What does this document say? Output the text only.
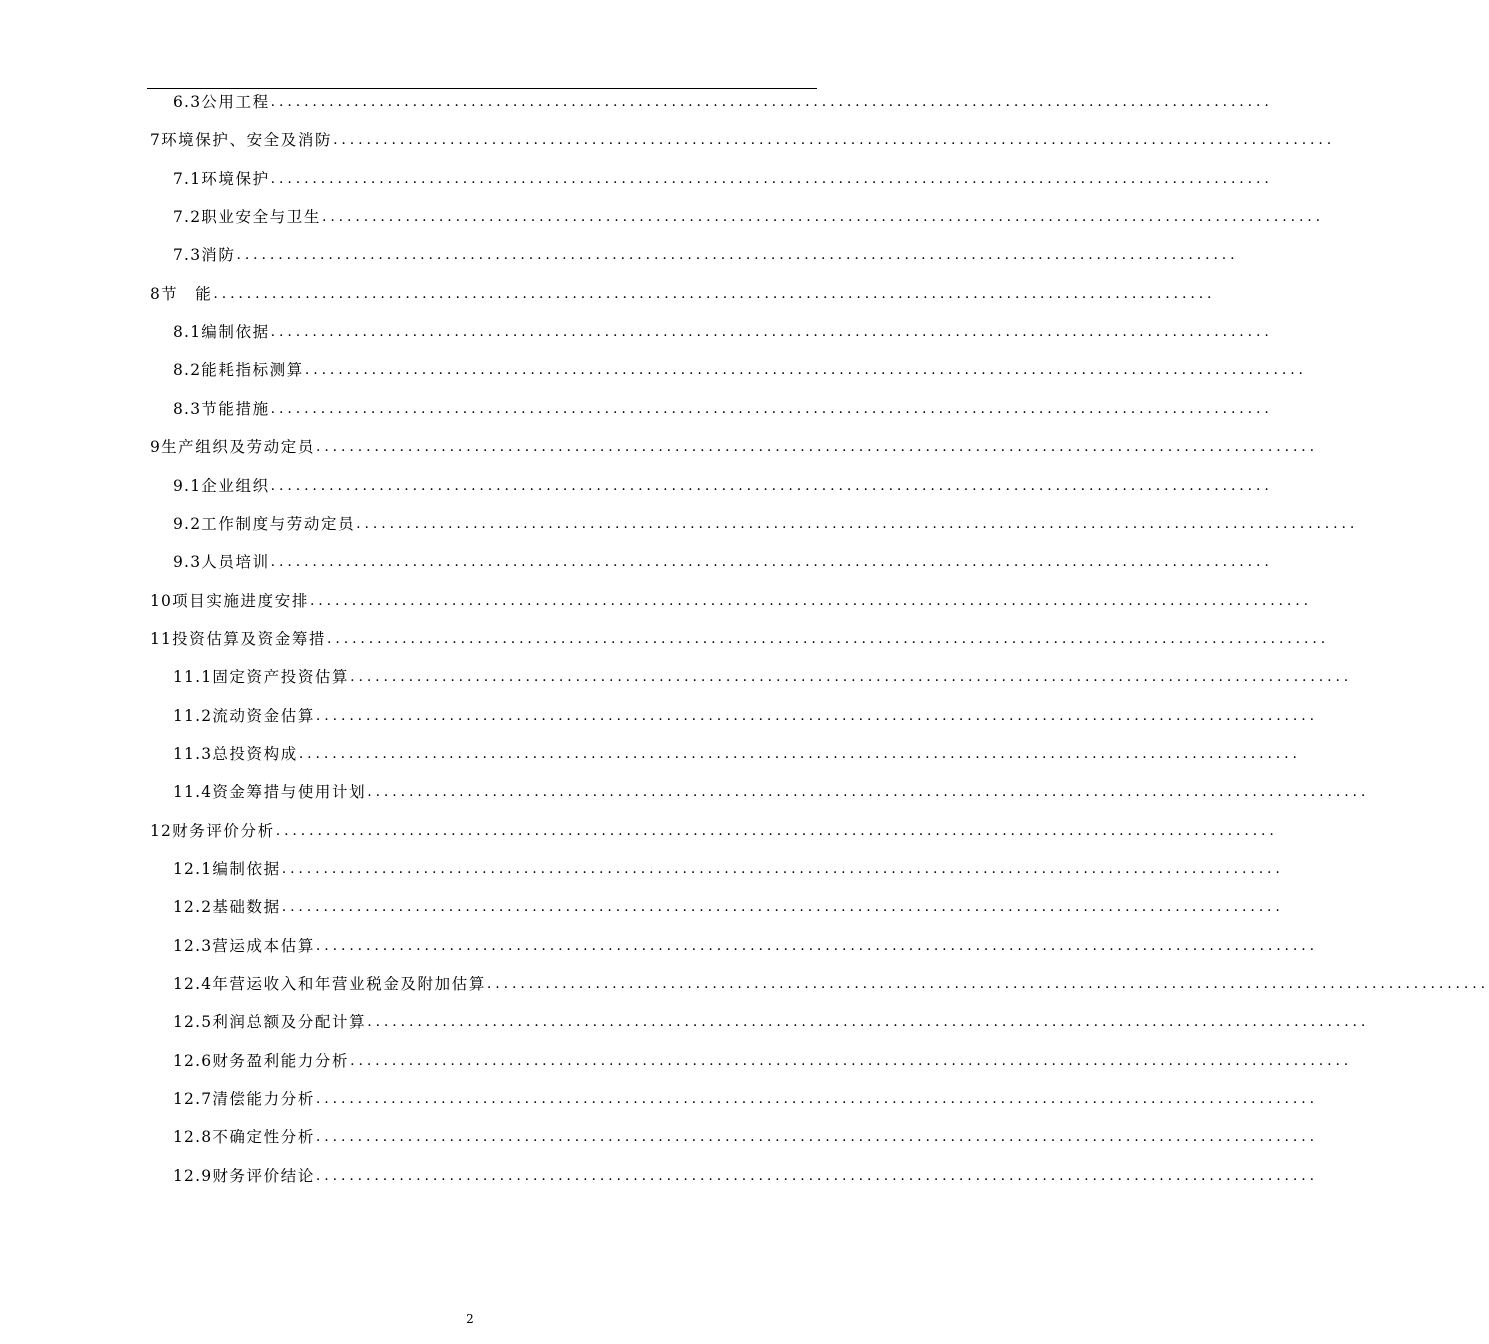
6.3 公用工程 ........................................................................................................................
7 环境保护、安全及消防 ........................................................................................................................
7.1 环境保护 ........................................................................................................................
7.2 职业安全与卫生 ........................................................................................................................
7.3 消防 ........................................................................................................................
8 节　能 ........................................................................................................................
8.1 编制依据 ........................................................................................................................
8.2 能耗指标测算 ........................................................................................................................
8.3 节能措施 ........................................................................................................................
9 生产组织及劳动定员 ........................................................................................................................
9.1 企业组织 ........................................................................................................................
9.2 工作制度与劳动定员 ........................................................................................................................
9.3 人员培训 ........................................................................................................................
10 项目实施进度安排 ........................................................................................................................
11 投资估算及资金筹措 ........................................................................................................................
11.1 固定资产投资估算 ........................................................................................................................
11.2 流动资金估算 ........................................................................................................................
11.3 总投资构成 ........................................................................................................................
11.4 资金筹措与使用计划 ........................................................................................................................
12 财务评价分析 ........................................................................................................................
12.1 编制依据 ........................................................................................................................
12.2 基础数据 ........................................................................................................................
12.3 营运成本估算 ........................................................................................................................
12.4 年营运收入和年营业税金及附加估算 ........................................................................................................................
12.5 利润总额及分配计算 ........................................................................................................................
12.6 财务盈利能力分析 ........................................................................................................................
12.7 清偿能力分析 ........................................................................................................................
12.8 不确定性分析 ........................................................................................................................
12.9 财务评价结论 ........................................................................................................................
2
